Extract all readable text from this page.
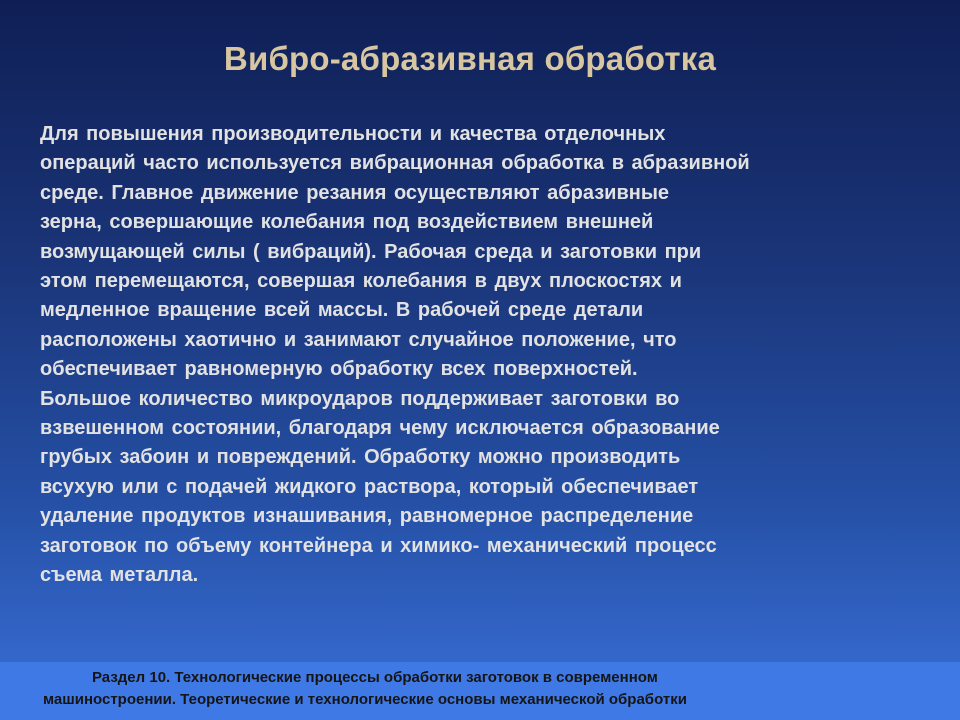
Вибро-абразивная обработка

Для повышения производительности и качества отделочных
операций часто используется вибрационная обработка в абразивной
среде. Главное движение резания осуществляют абразивные
зерна, совершающие колебания под воздействием внешней
возмущающей силы ( вибраций). Рабочая среда и заготовки при
этом перемещаются, совершая колебания в двух плоскостях и
медленное вращение всей массы. В рабочей среде детали
расположены хаотично и занимают случайное положение, что
обеспечивает равномерную обработку всех поверхностей.
Большое количество микроударов поддерживает заготовки во
взвешенном состоянии, благодаря чему исключается образование
грубых забоин и повреждений. Обработку можно производить
всухую или с подачей жидкого раствора, который обеспечивает
удаление продуктов изнашивания, равномерное распределение
заготовок по объему контейнера и химико- механический процесс
съема металла.

Раздел 10. Технологические процессы обработки заготовок в современном
машиностроении. Теоретические и технологические основы механической обработки
